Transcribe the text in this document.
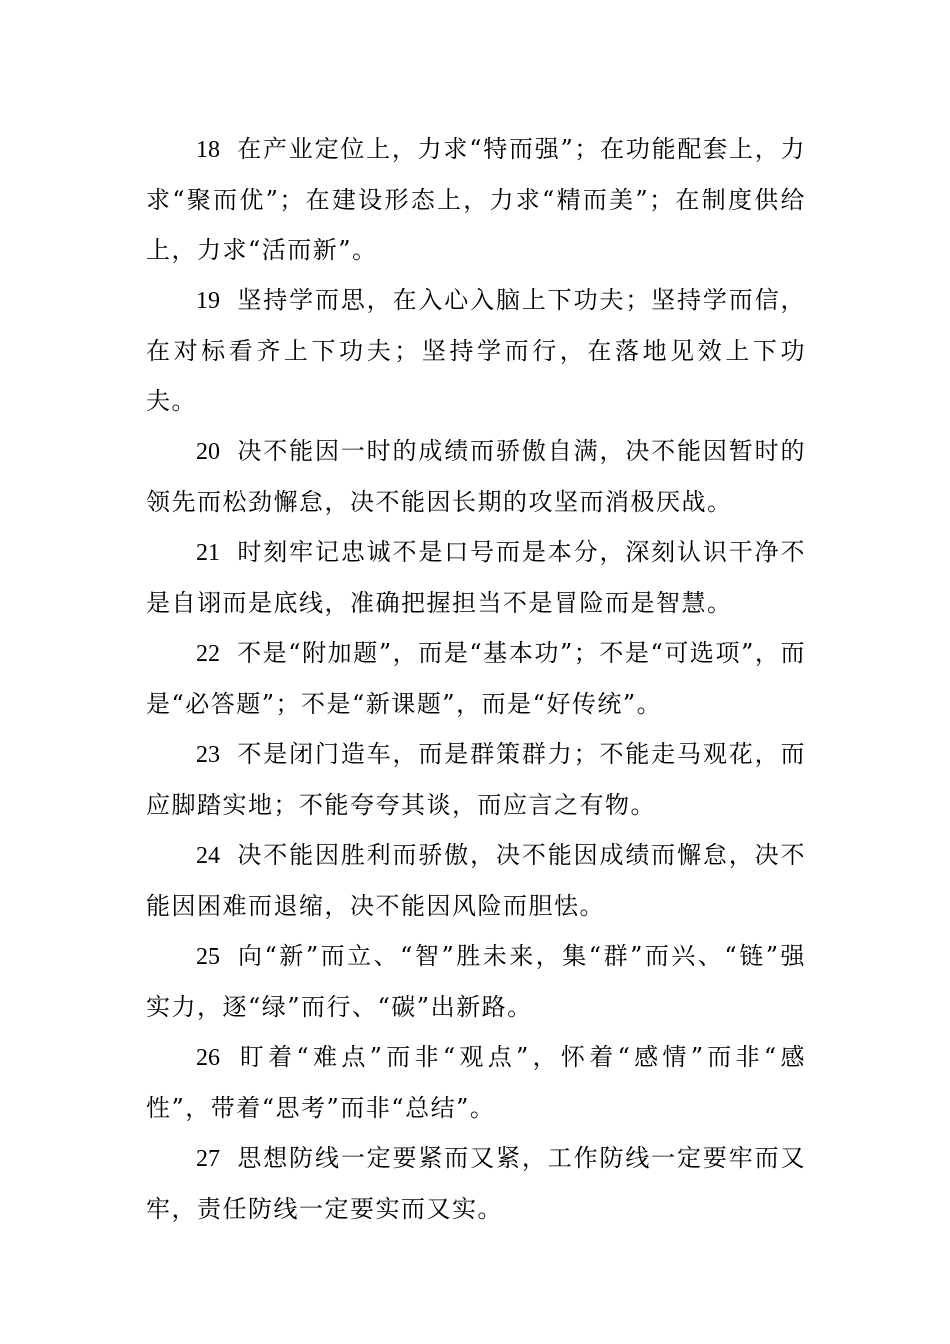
18 在产业定位上，力求“特而强”；在功能配套上，力求“聚而优”；在建设形态上，力求“精而美”；在制度供给上，力求“活而新”。

19 坚持学而思，在入心入脑上下功夫；坚持学而信，在对标看齐上下功夫；坚持学而行，在落地见效上下功夫。

20 决不能因一时的成绩而骄傲自满，决不能因暂时的领先而松劲懈怠，决不能因长期的攻坚而消极厌战。

21 时刻牢记忠诚不是口号而是本分，深刻认识干净不是自诩而是底线，准确把握担当不是冒险而是智慧。

22 不是“附加题”，而是“基本功”；不是“可选项”，而是“必答题”；不是“新课题”，而是“好传统”。

23 不是闭门造车，而是群策群力；不能走马观花，而应脚踏实地；不能夸夸其谈，而应言之有物。

24 决不能因胜利而骄傲，决不能因成绩而懈怠，决不能因困难而退缩，决不能因风险而胆怯。

25 向“新”而立、“智”胜未来，集“群”而兴、“链”强实力，逐“绿”而行、“碳”出新路。

26 盯着“难点”而非“观点”，怀着“感情”而非“感性”，带着“思考”而非“总结”。

27 思想防线一定要紧而又紧，工作防线一定要牢而又牢，责任防线一定要实而又实。
